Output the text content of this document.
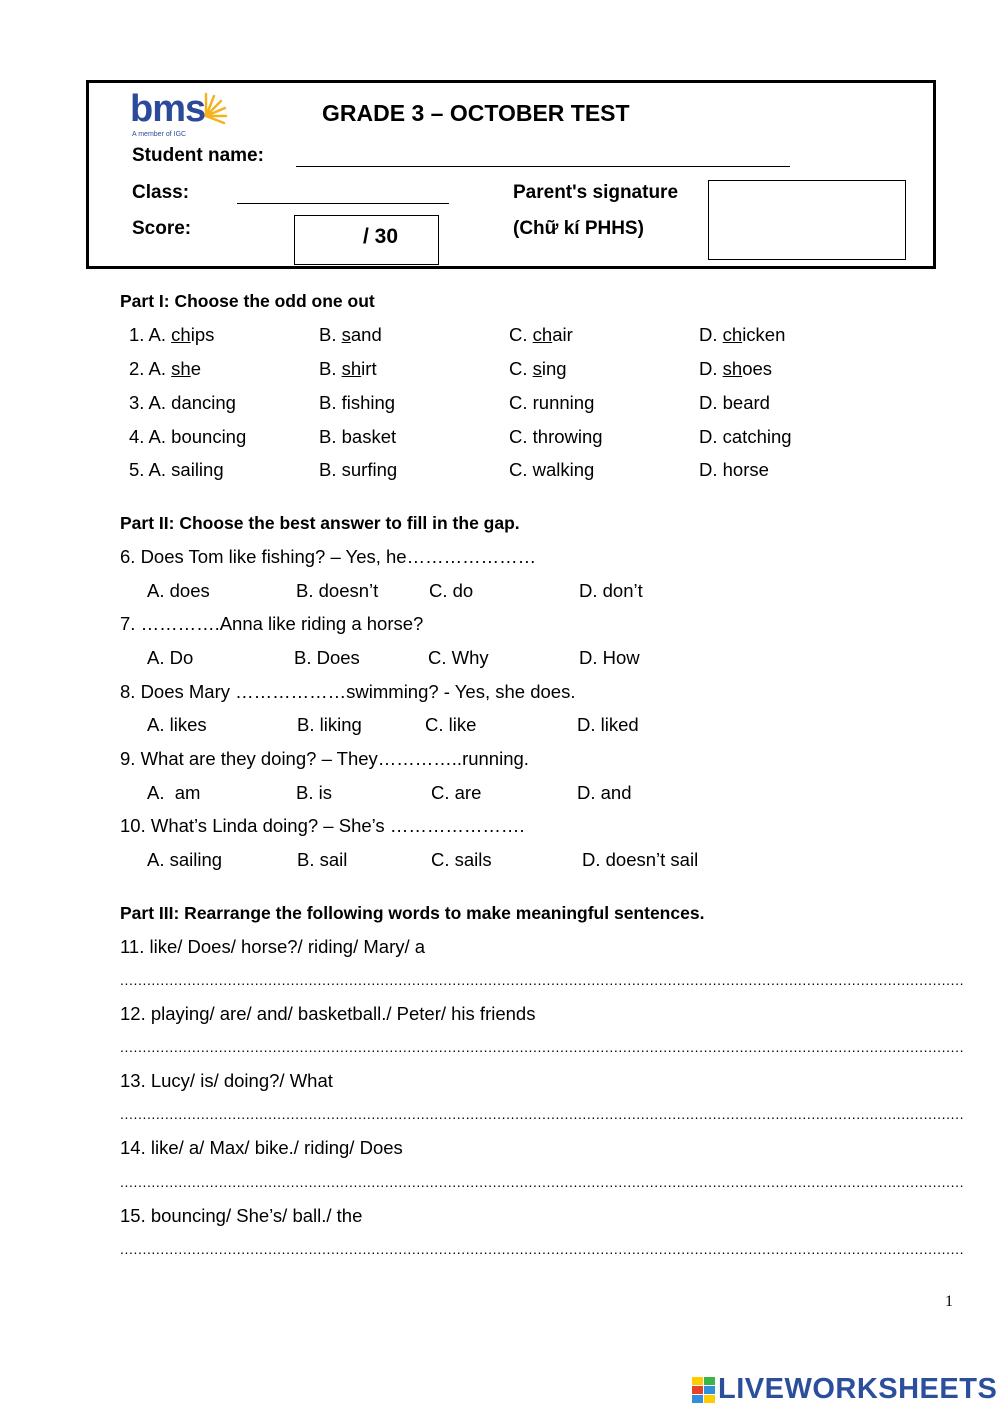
bms
A member of IGC
GRADE 3 – OCTOBER TEST
Student name:
Class:
Score:	/ 30
Parent's signature
(Chữ kí PHHS)
Part I: Choose the odd one out
1. A. chips	B. sand	C. chair	D. chicken
2. A. she	B. shirt	C. sing	D. shoes
3. A. dancing	B. fishing	C. running	D. beard
4. A. bouncing	B. basket	C. throwing	D. catching
5. A. sailing	B. surfing	C. walking	D. horse
Part II: Choose the best answer to fill in the gap.
6. Does Tom like fishing? – Yes, he…………………
A. does	B. doesn’t	C. do	D. don’t
7. ………….Anna like riding a horse?
A. Do	B. Does	C. Why	D. How
8. Does Mary ………………swimming? - Yes, she does.
A. likes	B. liking	C. like	D. liked
9. What are they doing? – They…………..running.
A.  am	B. is	C. are	D. and
10. What’s Linda doing? – She’s ………………….
A. sailing	B. sail	C. sails	D. doesn’t sail
Part III: Rearrange the following words to make meaningful sentences.
11. like/ Does/ horse?/ riding/ Mary/ a
............................................................................................................................................................................................
12. playing/ are/ and/ basketball./ Peter/ his friends
............................................................................................................................................................................................
13. Lucy/ is/ doing?/ What
............................................................................................................................................................................................
14. like/ a/ Max/ bike./ riding/ Does
............................................................................................................................................................................................
15. bouncing/ She’s/ ball./ the
............................................................................................................................................................................................
1
LIVEWORKSHEETS
